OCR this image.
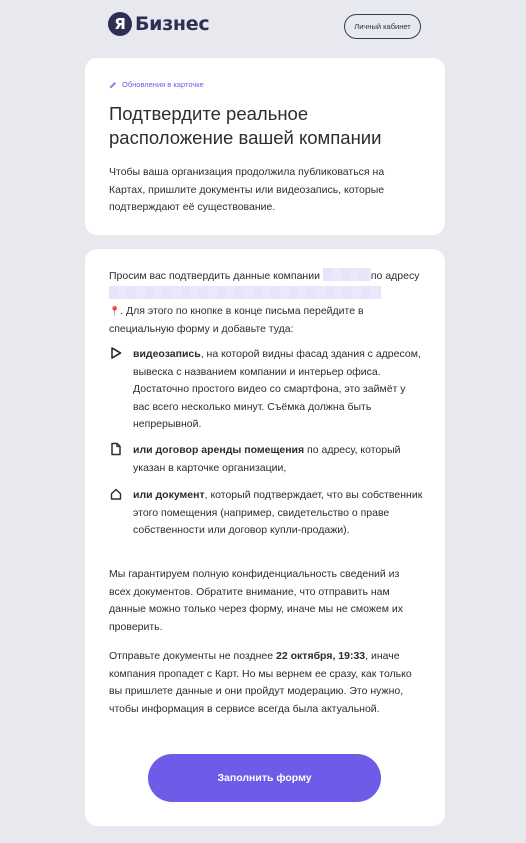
Я Бизнес	Личный кабинет
Обновления в карточке
Подтвердите реальное расположение вашей компании

Чтобы ваша организация продолжила публиковаться на Картах, пришлите документы или видеозапись, которые подтверждают её существование.

Просим вас подтвердить данные компании	по адресу
📍. Для этого по кнопке в конце письма перейдите в специальную форму и добавьте туда:

видеозапись, на которой видны фасад здания с адресом, вывеска с названием компании и интерьер офиса. Достаточно простого видео со смартфона, это займёт у вас всего несколько минут. Съёмка должна быть непрерывной.
или договор аренды помещения по адресу, который указан в карточке организации,
или документ, который подтверждает, что вы собственник этого помещения (например, свидетельство о праве собственности или договор купли-продажи).

Мы гарантируем полную конфиденциальность сведений из всех документов. Обратите внимание, что отправить нам данные можно только через форму, иначе мы не сможем их проверить.

Отправьте документы не позднее 22 октября, 19:33, иначе компания пропадет с Карт. Но мы вернем ее сразу, как только вы пришлете данные и они пройдут модерацию. Это нужно, чтобы информация в сервисе всегда была актуальной.

Заполнить форму
